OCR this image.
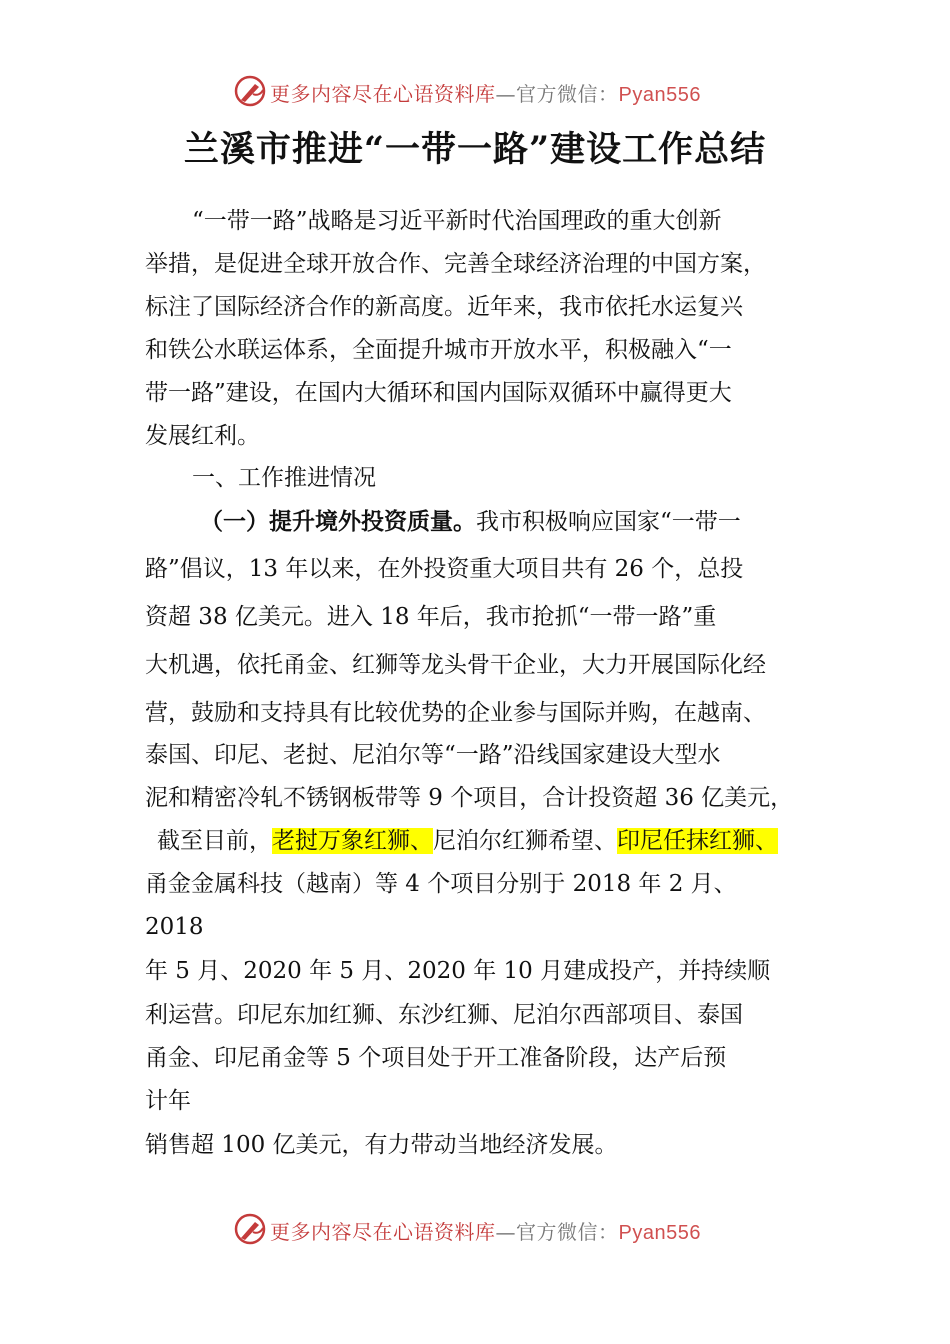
更多内容尽在心语资料库—官方微信：Pyan556
兰溪市推进“一带一路”建设工作总结
“一带一路”战略是习近平新时代治国理政的重大创新
举措，是促进全球开放合作、完善全球经济治理的中国方案，
标注了国际经济合作的新高度。近年来，我市依托水运复兴
和铁公水联运体系，全面提升城市开放水平，积极融入“一
带一路”建设，在国内大循环和国内国际双循环中赢得更大
发展红利。
一、工作推进情况
（一）提升境外投资质量。我市积极响应国家“一带一
路”倡议，13 年以来，在外投资重大项目共有 26 个，总投
资超 38 亿美元。进入 18 年后，我市抢抓“一带一路”重
大机遇，依托甬金、红狮等龙头骨干企业，大力开展国际化经
营，鼓励和支持具有比较优势的企业参与国际并购，在越南、
泰国、印尼、老挝、尼泊尔等“一路”沿线国家建设大型水
泥和精密冷轧不锈钢板带等 9 个项目，合计投资超 36 亿美元，
截至目前，老挝万象红狮、尼泊尔红狮希望、印尼任抹红狮、
甬金金属科技（越南）等 4 个项目分别于 2018 年 2 月、
2018
年 5 月、2020 年 5 月、2020 年 10 月建成投产，并持续顺
利运营。印尼东加红狮、东沙红狮、尼泊尔西部项目、泰国
甬金、印尼甬金等 5 个项目处于开工准备阶段，达产后预
计年
销售超 100 亿美元，有力带动当地经济发展。
更多内容尽在心语资料库—官方微信：Pyan556
